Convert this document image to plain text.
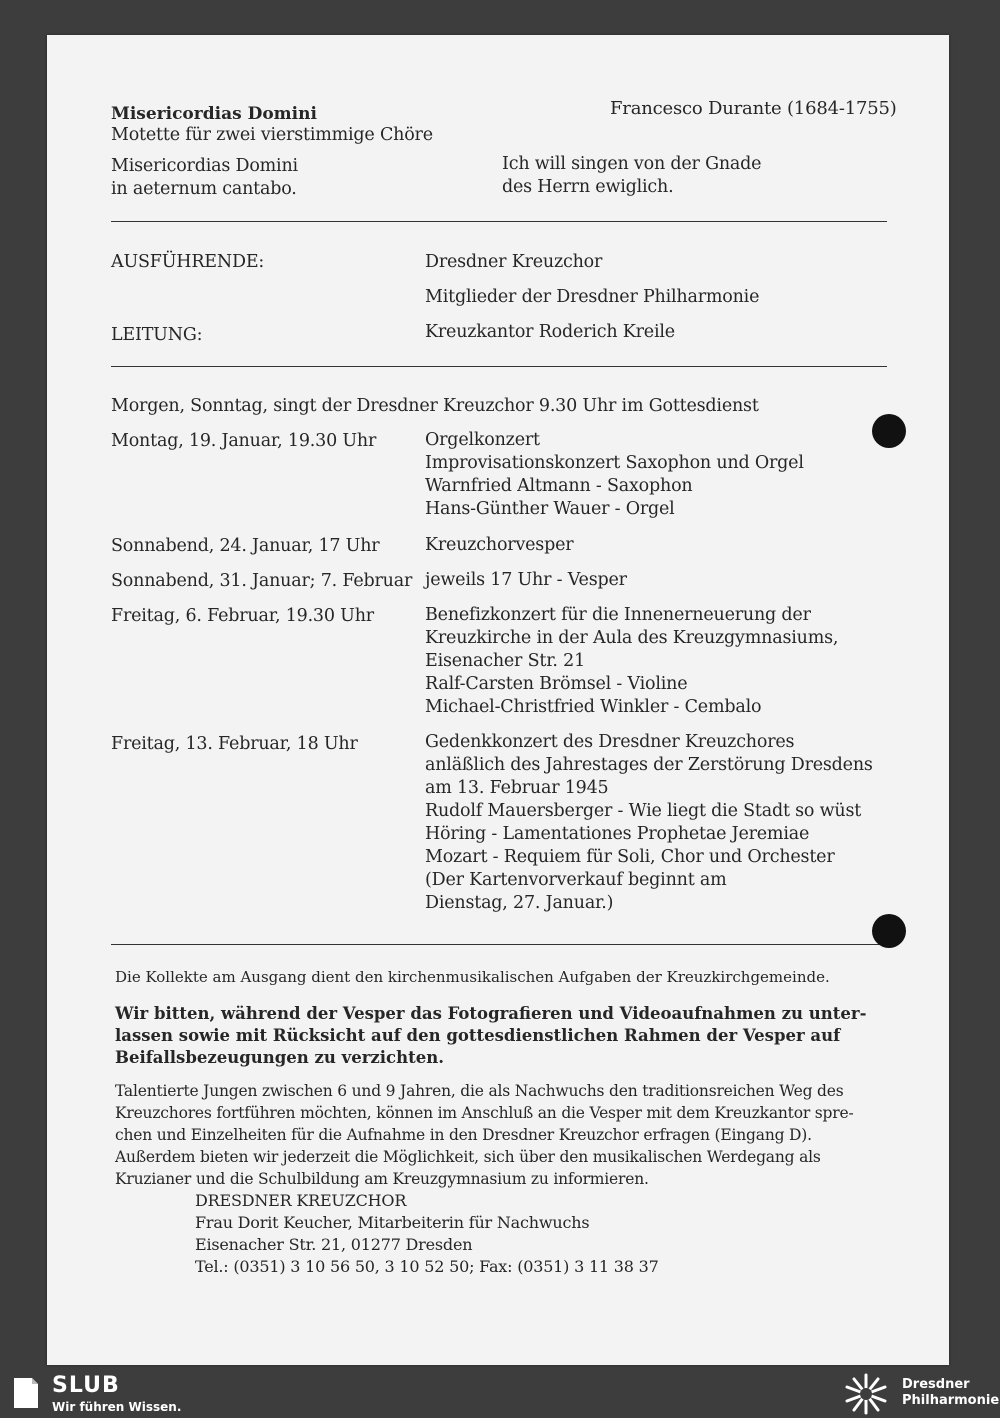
Misericordias Domini	Francesco Durante (1684-1755)
Motette für zwei vierstimmige Chöre
Misericordias Domini
in aeternum cantabo.
Ich will singen von der Gnade
des Herrn ewiglich.
AUSFÜHRENDE:	Dresdner Kreuzchor
Mitglieder der Dresdner Philharmonie
LEITUNG:	Kreuzkantor Roderich Kreile
Morgen, Sonntag, singt der Dresdner Kreuzchor 9.30 Uhr im Gottesdienst
Montag, 19. Januar, 19.30 Uhr	Orgelkonzert
Improvisationskonzert Saxophon und Orgel
Warnfried Altmann - Saxophon
Hans-Günther Wauer - Orgel
Sonnabend, 24. Januar, 17 Uhr	Kreuzchorvesper
Sonnabend, 31. Januar; 7. Februar jeweils 17 Uhr - Vesper
Freitag, 6. Februar, 19.30 Uhr	Benefizkonzert für die Innenerneuerung der
Kreuzkirche in der Aula des Kreuzgymnasiums,
Eisenacher Str. 21
Ralf-Carsten Brömsel - Violine
Michael-Christfried Winkler - Cembalo
Freitag, 13. Februar, 18 Uhr	Gedenkkonzert des Dresdner Kreuzchores
anläßlich des Jahrestages der Zerstörung Dresdens
am 13. Februar 1945
Rudolf Mauersberger - Wie liegt die Stadt so wüst
Höring - Lamentationes Prophetae Jeremiae
Mozart - Requiem für Soli, Chor und Orchester
(Der Kartenvorverkauf beginnt am
Dienstag, 27. Januar.)
Die Kollekte am Ausgang dient den kirchenmusikalischen Aufgaben der Kreuzkirchgemeinde.
Wir bitten, während der Vesper das Fotografieren und Videoaufnahmen zu unter-
lassen sowie mit Rücksicht auf den gottesdienstlichen Rahmen der Vesper auf
Beifallsbezeugungen zu verzichten.
Talentierte Jungen zwischen 6 und 9 Jahren, die als Nachwuchs den traditionsreichen Weg des
Kreuzchores fortführen möchten, können im Anschluß an die Vesper mit dem Kreuzkantor spre-
chen und Einzelheiten für die Aufnahme in den Dresdner Kreuzchor erfragen (Eingang D).
Außerdem bieten wir jederzeit die Möglichkeit, sich über den musikalischen Werdegang als
Kruzianer und die Schulbildung am Kreuzgymnasium zu informieren.
DRESDNER KREUZCHOR
Frau Dorit Keucher, Mitarbeiterin für Nachwuchs
Eisenacher Str. 21, 01277 Dresden
Tel.: (0351) 3 10 56 50, 3 10 52 50; Fax: (0351) 3 11 38 37
SLUB
Wir führen Wissen.
Dresdner
Philharmonie
